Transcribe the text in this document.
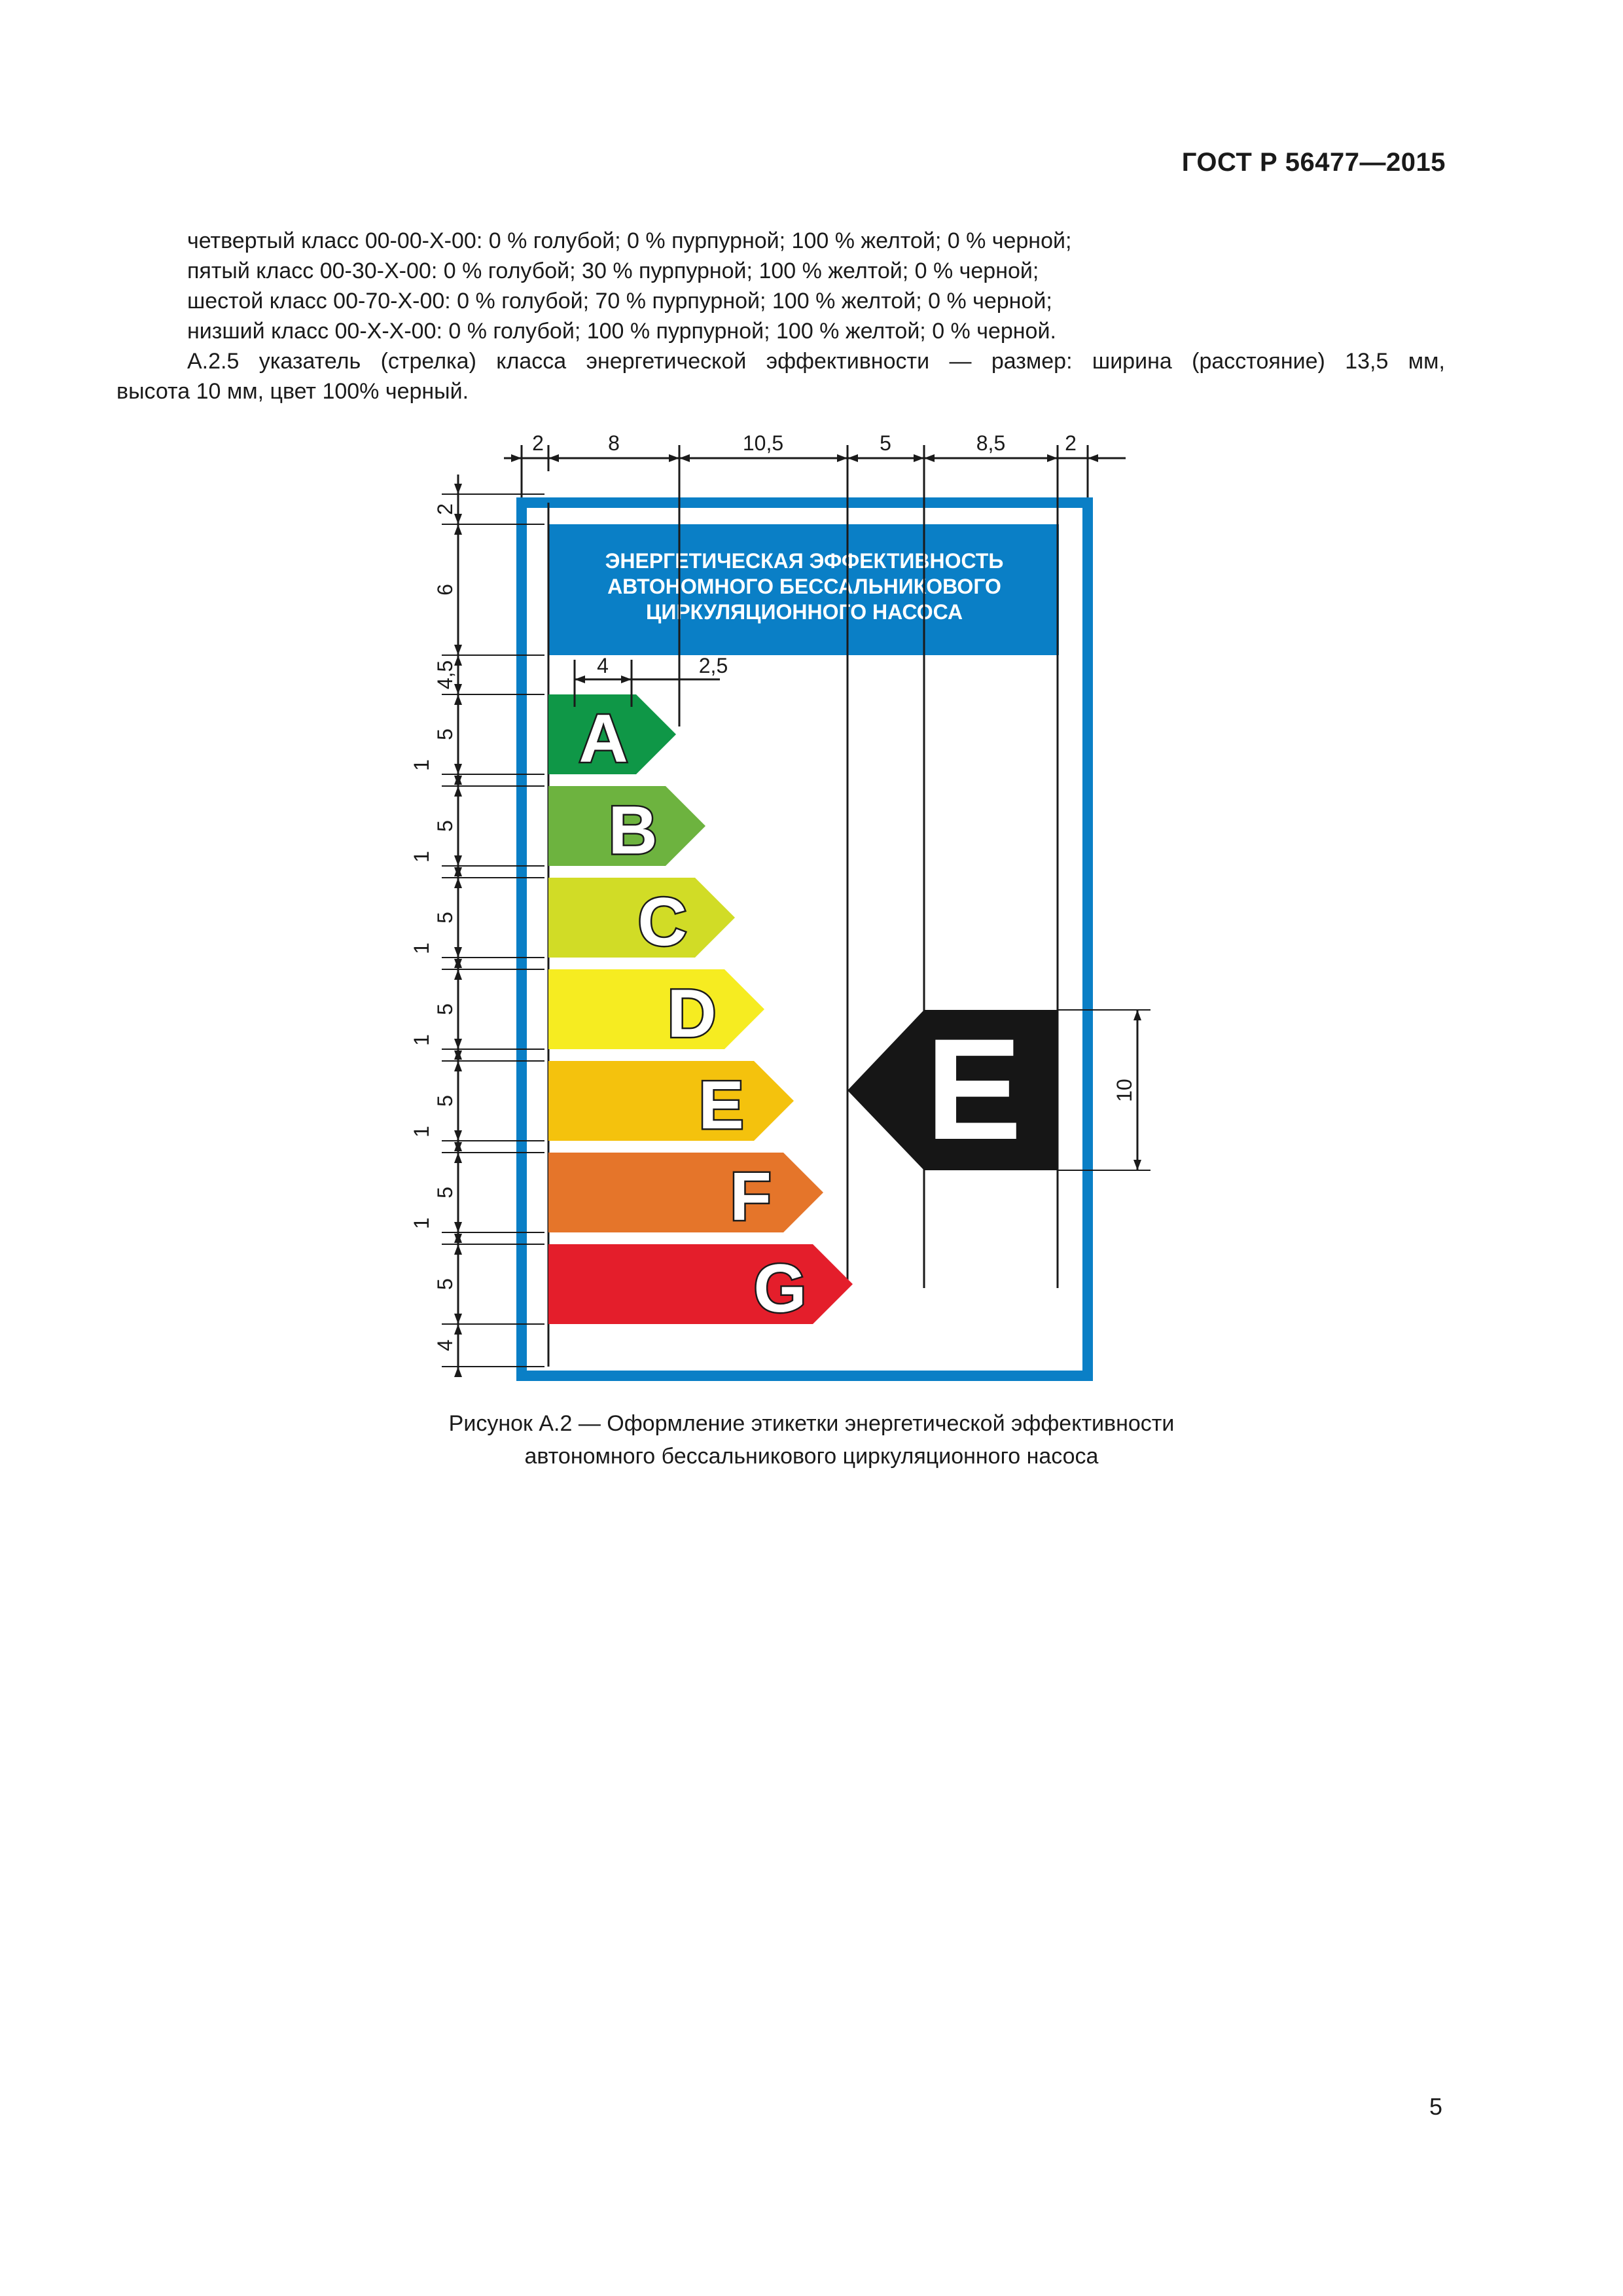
ГОСТ Р 56477—2015

четвертый класс 00-00-Х-00: 0 % голубой; 0 % пурпурной; 100 % желтой; 0 % черной;

пятый класс 00-30-Х-00: 0 % голубой; 30 % пурпурной; 100 % желтой; 0 % черной;

шестой класс 00-70-Х-00: 0 % голубой; 70 % пурпурной; 100 % желтой; 0 % черной;

низший класс 00-Х-Х-00: 0 % голубой; 100 % пурпурной; 100 % желтой; 0 % черной.

А.2.5 указатель (стрелка) класса энергетической эффективности — размер: ширина (расстояние) 13,5 мм,

высота 10 мм, цвет 100% черный.

ЭНЕРГЕТИЧЕСКАЯ ЭФФЕКТИВНОСТЬ
АВТОНОМНОГО БЕССАЛЬНИКОВОГО
ЦИРКУЛЯЦИОННОГО НАСОСА
A
B
C
D
E
F
G
E
2	8	10,5	5	8,5	2
4	2,5
2
6
4,5
5
1
5
1
5
1
5
1
5
1
5
1
5
4
10

Рисунок А.2 — Оформление этикетки энергетической эффективности

автономного бессальникового циркуляционного насоса

5
